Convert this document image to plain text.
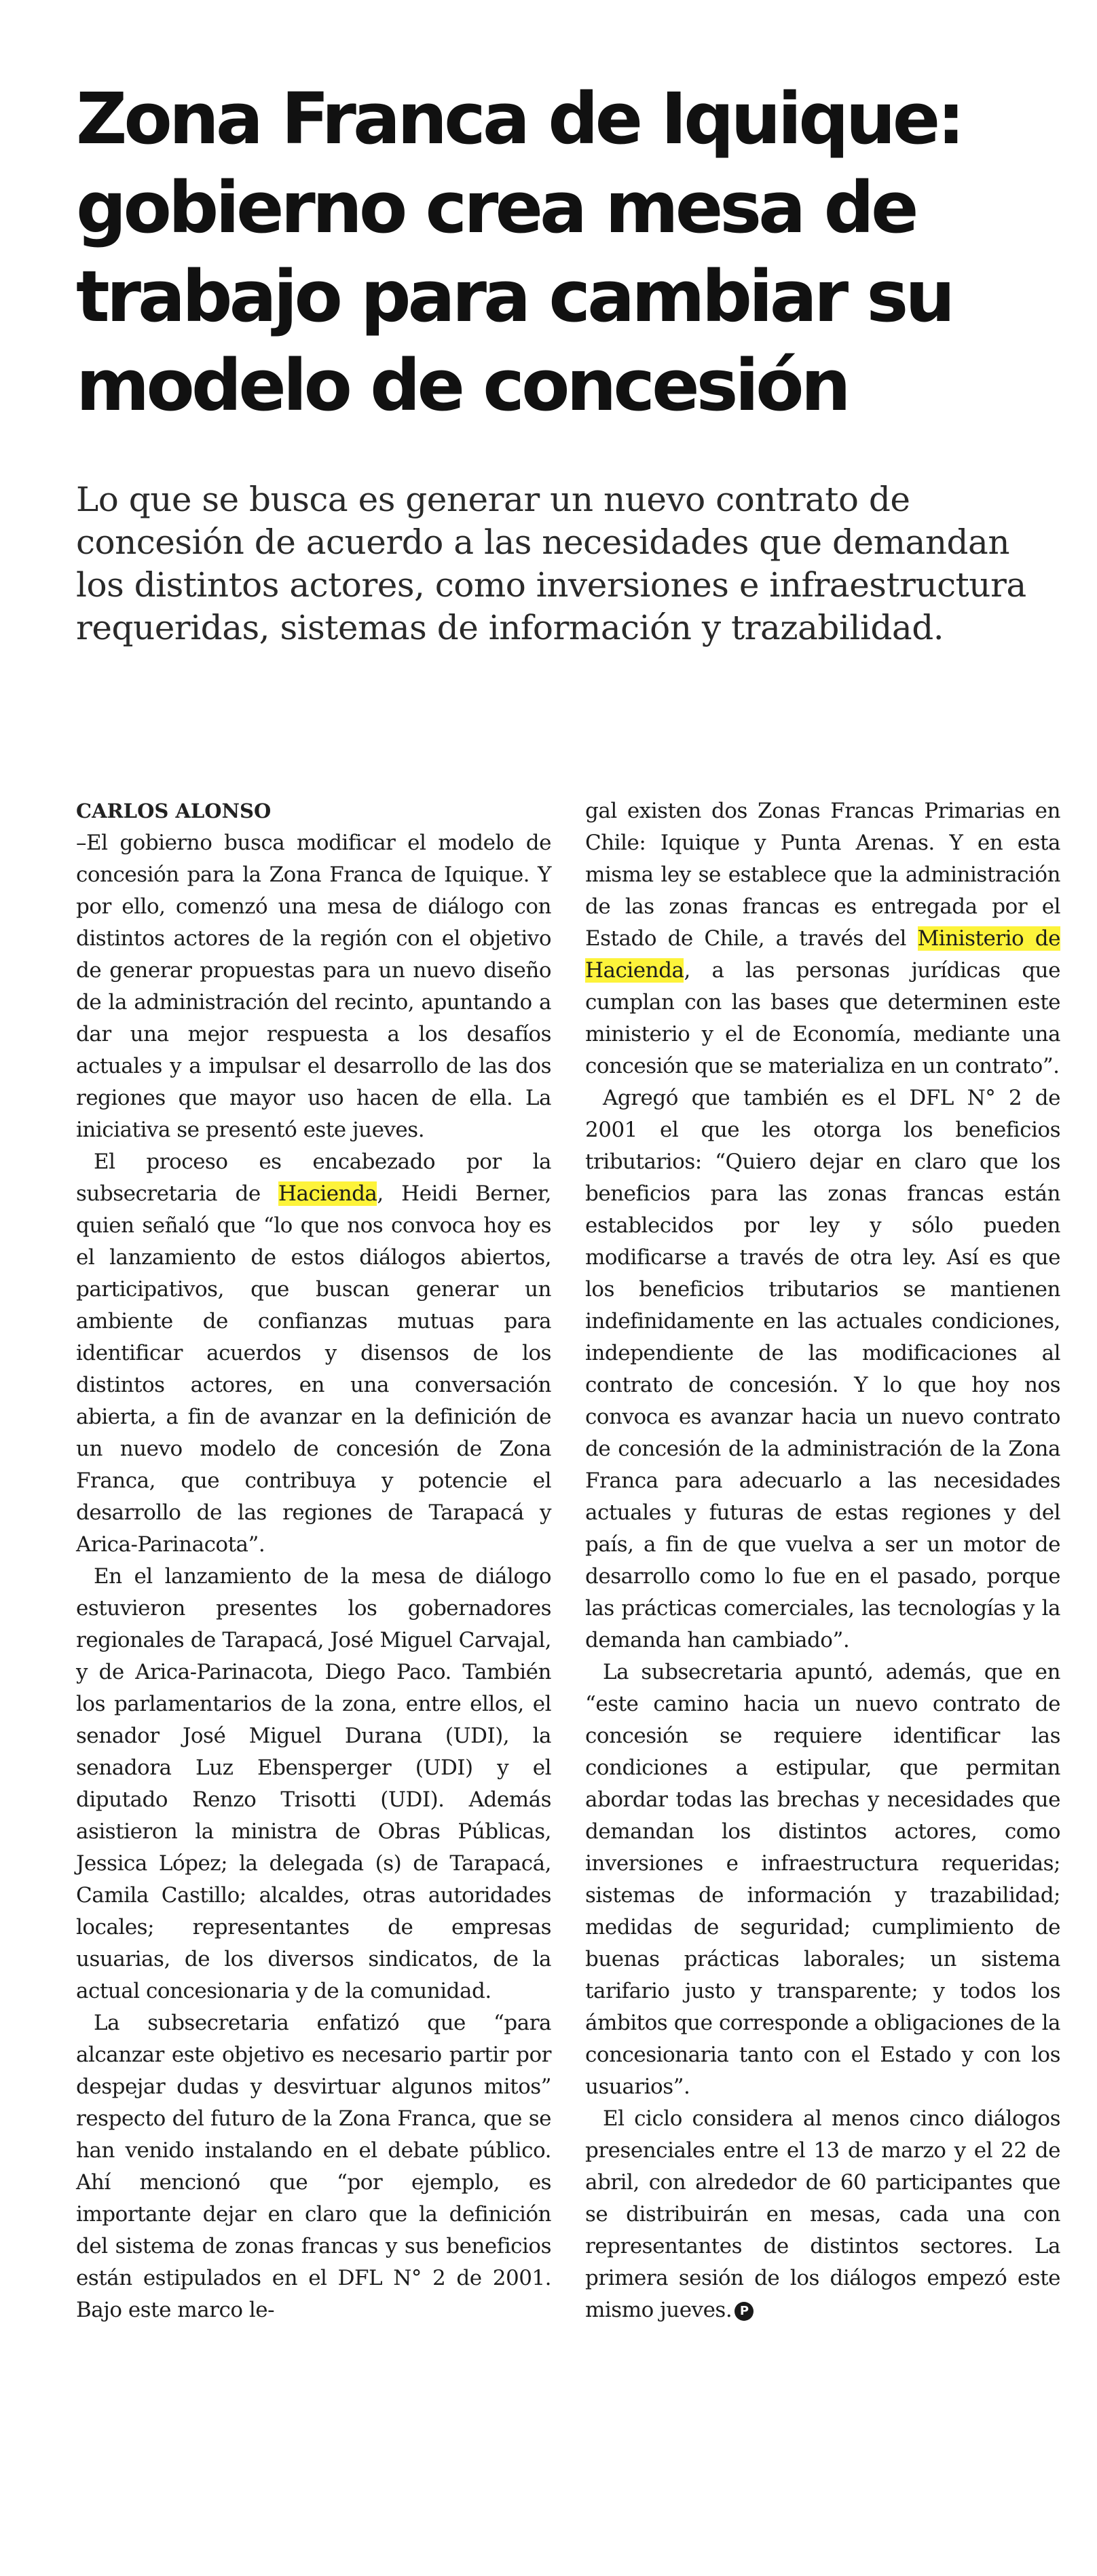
Zona Franca de Iquique: gobierno crea mesa de trabajo para cambiar su modelo de concesión
Lo que se busca es generar un nuevo contrato de concesión de acuerdo a las necesidades que demandan los distintos actores, como inversiones e infraestructura requeridas, sistemas de información y trazabilidad.
CARLOS ALONSO

–El gobierno busca modificar el modelo de concesión para la Zona Franca de Iquique. Y por ello, comenzó una mesa de diálogo con distintos actores de la región con el objetivo de generar propuestas para un nuevo diseño de la administración del recinto, apuntando a dar una mejor respuesta a los desafíos actuales y a impulsar el desarrollo de las dos regiones que mayor uso hacen de ella. La iniciativa se presentó este jueves.

El proceso es encabezado por la subsecretaria de Hacienda, Heidi Berner, quien señaló que “lo que nos convoca hoy es el lanzamiento de estos diálogos abiertos, participativos, que buscan generar un ambiente de confianzas mutuas para identificar acuerdos y disensos de los distintos actores, en una conversación abierta, a fin de avanzar en la definición de un nuevo modelo de concesión de Zona Franca, que contribuya y potencie el desarrollo de las regiones de Tarapacá y Arica-Parinacota”.

En el lanzamiento de la mesa de diálogo estuvieron presentes los gobernadores regionales de Tarapacá, José Miguel Carvajal, y de Arica-Parinacota, Diego Paco. También los parlamentarios de la zona, entre ellos, el senador José Miguel Durana (UDI), la senadora Luz Ebensperger (UDI) y el diputado Renzo Trisotti (UDI). Además asistieron la ministra de Obras Públicas, Jessica López; la delegada (s) de Tarapacá, Camila Castillo; alcaldes, otras autoridades locales; representantes de empresas usuarias, de los diversos sindicatos, de la actual concesionaria y de la comunidad.

La subsecretaria enfatizó que “para alcanzar este objetivo es necesario partir por despejar dudas y desvirtuar algunos mitos” respecto del futuro de la Zona Franca, que se han venido instalando en el debate público. Ahí mencionó que “por ejemplo, es importante dejar en claro que la definición del sistema de zonas francas y sus beneficios están estipulados en el DFL N° 2 de 2001. Bajo este marco le-

gal existen dos Zonas Francas Primarias en Chile: Iquique y Punta Arenas. Y en esta misma ley se establece que la administración de las zonas francas es entregada por el Estado de Chile, a través del Ministerio de Hacienda, a las personas jurídicas que cumplan con las bases que determinen este ministerio y el de Economía, mediante una concesión que se materializa en un contrato”.

Agregó que también es el DFL N° 2 de 2001 el que les otorga los beneficios tributarios: “Quiero dejar en claro que los beneficios para las zonas francas están establecidos por ley y sólo pueden modificarse a través de otra ley. Así es que los beneficios tributarios se mantienen indefinidamente en las actuales condiciones, independiente de las modificaciones al contrato de concesión. Y lo que hoy nos convoca es avanzar hacia un nuevo contrato de concesión de la administración de la Zona Franca para adecuarlo a las necesidades actuales y futuras de estas regiones y del país, a fin de que vuelva a ser un motor de desarrollo como lo fue en el pasado, porque las prácticas comerciales, las tecnologías y la demanda han cambiado”.

La subsecretaria apuntó, además, que en “este camino hacia un nuevo contrato de concesión se requiere identificar las condiciones a estipular, que permitan abordar todas las brechas y necesidades que demandan los distintos actores, como inversiones e infraestructura requeridas; sistemas de información y trazabilidad; medidas de seguridad; cumplimiento de buenas prácticas laborales; un sistema tarifario justo y transparente; y todos los ámbitos que corresponde a obligaciones de la concesionaria tanto con el Estado y con los usuarios”.

El ciclo considera al menos cinco diálogos presenciales entre el 13 de marzo y el 22 de abril, con alrededor de 60 participantes que se distribuirán en mesas, cada una con representantes de distintos sectores. La primera sesión de los diálogos empezó este mismo jueves. P
